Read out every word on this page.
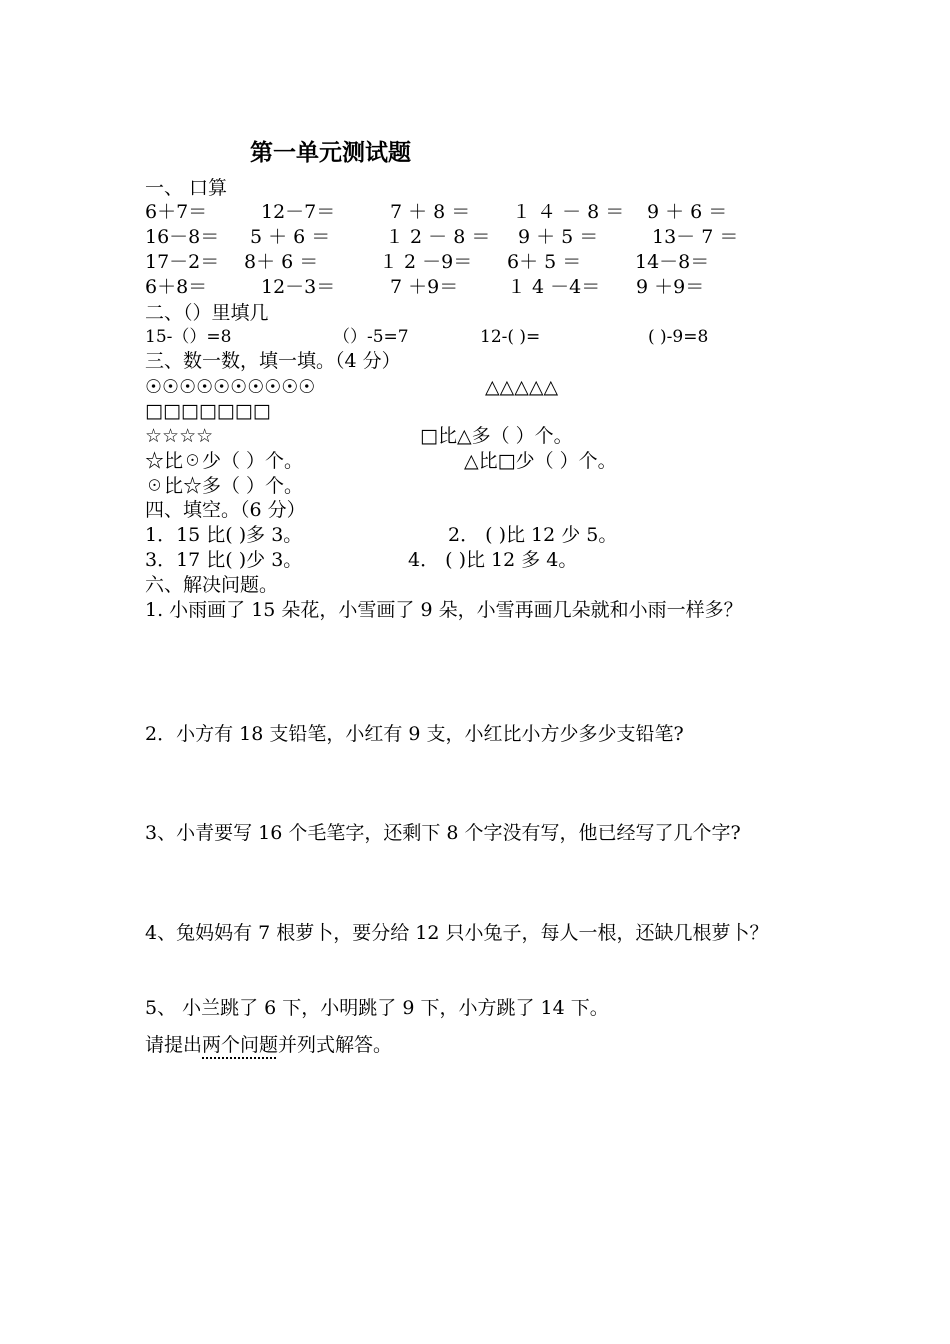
第一单元测试题
一、 口算
6＋7＝	12－7＝	7 ＋ 8 ＝ １ ４ － 8 ＝ 9 ＋ 6 ＝
16－8＝ 5 ＋ 6 ＝	１ 2 － 8 ＝ 9 ＋ 5 ＝	13－ 7 ＝
17－2＝ 8＋ 6 ＝	１ 2 －9＝ 6＋ 5 ＝	14－8＝
6＋8＝	12－3＝	7 ＋9＝	１ 4 －4＝ 9 ＋9＝
二、（）里填几
15-（）=8	（）-5=7	12-( )=	( )-9=8
三、数一数，填一填。（4 分）
☉☉☉☉☉☉☉☉☉☉	△△△△△
□□□□□□□
☆☆☆☆	□比△多（ ）个。
☆比☉少（ ）个。	△比□少（ ）个。
☉比☆多（ ）个。
四、填空。（6 分）
1．15 比( )多 3。	2． ( )比 12 少 5。
3．17 比( )少 3。	4． ( )比 12 多 4。
六、解决问题。
1. 小雨画了 15 朵花，小雪画了 9 朵，小雪再画几朵就和小雨一样多？
2．小方有 18 支铅笔，小红有 9 支，小红比小方少多少支铅笔?
3、小青要写 16 个毛笔字，还剩下 8 个字没有写，他已经写了几个字?
4、兔妈妈有 7 根萝卜，要分给 12 只小兔子，每人一根，还缺几根萝卜？
5、 小兰跳了 6 下，小明跳了 9 下，小方跳了 14 下。
请提出两个问题并列式解答。
